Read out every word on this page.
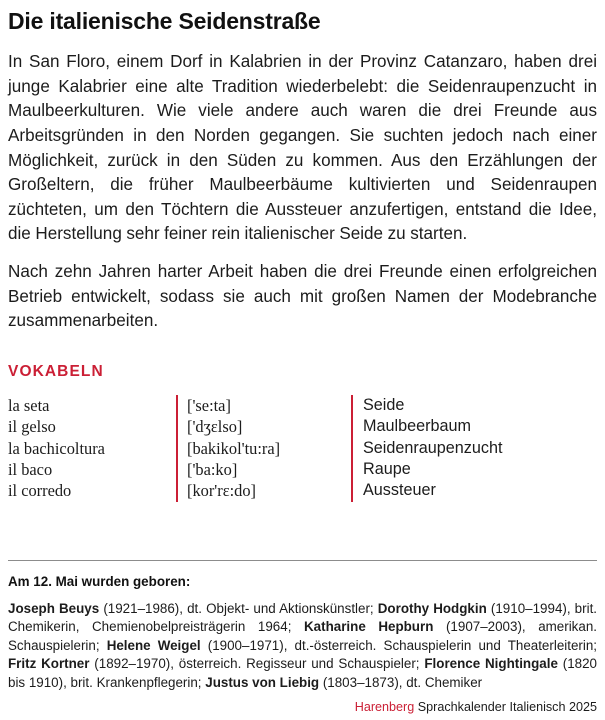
Die italienische Seidenstraße

In San Floro, einem Dorf in Kalabrien in der Provinz Catanzaro, haben drei junge Kalabrier eine alte Tradition wiederbelebt: die Seidenraupenzucht in Maulbeerkulturen. Wie viele andere auch waren die drei Freunde aus Arbeitsgründen in den Norden gegangen. Sie suchten jedoch nach einer Möglichkeit, zurück in den Süden zu kommen. Aus den Erzählungen der Großeltern, die früher Maulbeerbäume kultivierten und Seidenraupen züchteten, um den Töchtern die Aussteuer anzufertigen, entstand die Idee, die Herstellung sehr feiner rein italienischer Seide zu starten.

Nach zehn Jahren harter Arbeit haben die drei Freunde einen erfolgreichen Betrieb entwickelt, sodass sie auch mit großen Namen der Modebranche zusammenarbeiten.

VOKABELN
la seta	['se:ta]	Seide
il gelso	['dʒɛlso]	Maulbeerbaum
la bachicoltura	[bakikol'tu:ra]	Seidenraupenzucht
il baco	['ba:ko]	Raupe
il corredo	[kor'rɛ:do]	Aussteuer
Am 12. Mai wurden geboren:

Joseph Beuys (1921–1986), dt. Objekt- und Aktionskünstler; Dorothy Hodgkin (1910–1994), brit. Chemikerin, Chemienobelpreisträgerin 1964; Katharine Hepburn (1907–2003), amerikan. Schauspielerin; Helene Weigel (1900–1971), dt.-österreich. Schauspielerin und Theaterleiterin; Fritz Kortner (1892–1970), österreich. Regisseur und Schauspieler; Florence Nightingale (1820 bis 1910), brit. Krankenpflegerin; Justus von Liebig (1803–1873), dt. Chemiker

Harenberg Sprachkalender Italienisch 2025
